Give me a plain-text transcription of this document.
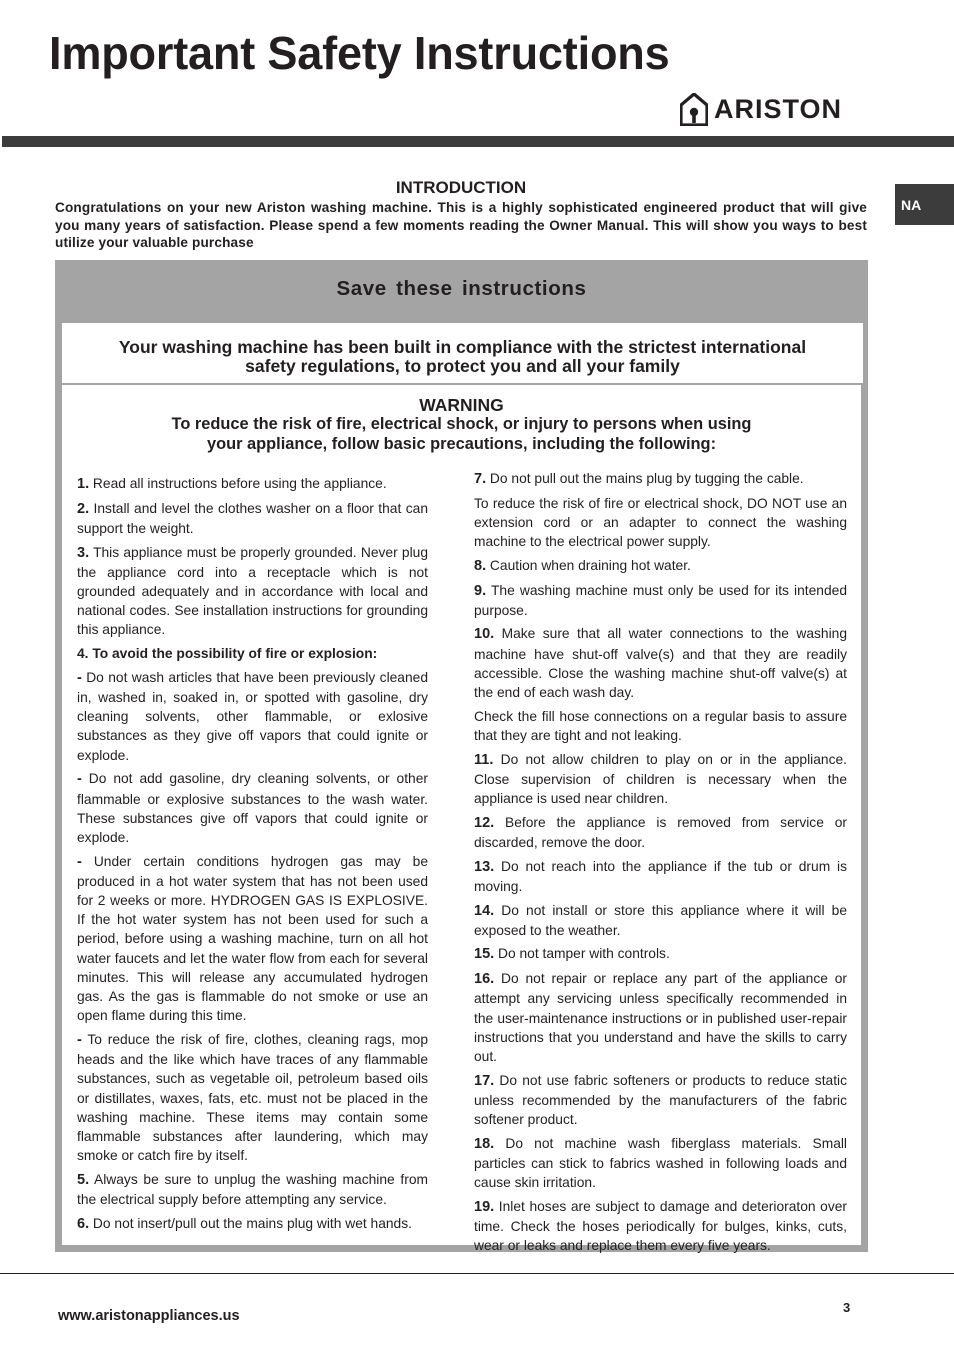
Important Safety Instructions
ARISTON
NA
INTRODUCTION

Congratulations on your new Ariston washing machine. This is a highly sophisticated engineered product that will give you many years of satisfaction. Please spend a few moments reading the Owner Manual. This will show you ways to best utilize your valuable purchase

Save these instructions
Your washing machine has been built in compliance with the strictest international
safety regulations, to protect you and all your family
WARNING
To reduce the risk of fire, electrical shock, or injury to persons when using
your appliance, follow basic precautions, including the following:

1. Read all instructions before using the appliance.

2. Install and level the clothes washer on a floor that can support the weight.

3. This appliance must be properly grounded. Never plug the appliance cord into a receptacle which is not grounded adequately and in accordance with local and national codes. See installation instructions for grounding this appliance.

4. To avoid the possibility of fire or explosion:

- Do not wash articles that have been previously cleaned in, washed in, soaked in, or spotted with gasoline, dry cleaning solvents, other flammable, or exlosive substances as they give off vapors that could ignite or explode.

- Do not add gasoline, dry cleaning solvents, or other flammable or explosive substances to the wash water. These substances give off vapors that could ignite or explode.

- Under certain conditions hydrogen gas may be produced in a hot water system that has not been used for 2 weeks or more. HYDROGEN GAS IS EXPLOSIVE. If the hot water system has not been used for such a period, before using a washing machine, turn on all hot water faucets and let the water flow from each for several minutes. This will release any accumulated hydrogen gas. As the gas is flammable do not smoke or use an open flame during this time.

- To reduce the risk of fire, clothes, cleaning rags, mop heads and the like which have traces of any flammable substances, such as vegetable oil, petroleum based oils or distillates, waxes, fats, etc. must not be placed in the washing machine. These items may contain some flammable substances after laundering, which may smoke or catch fire by itself.

5. Always be sure to unplug the washing machine from the electrical supply before attempting any service.

6. Do not insert/pull out the mains plug with wet hands.

7. Do not pull out the mains plug by tugging the cable.

To reduce the risk of fire or electrical shock, DO NOT use an extension cord or an adapter to connect the washing machine to the electrical power supply.

8. Caution when draining hot water.

9. The washing machine must only be used for its intended purpose.

10. Make sure that all water connections to the washing machine have shut-off valve(s) and that they are readily accessible. Close the washing machine shut-off valve(s) at the end of each wash day.

Check the fill hose connections on a regular basis to assure that they are tight and not leaking.

11. Do not allow children to play on or in the appliance. Close supervision of children is necessary when the appliance is used near children.

12. Before the appliance is removed from service or discarded, remove the door.

13. Do not reach into the appliance if the tub or drum is moving.

14. Do not install or store this appliance where it will be exposed to the weather.

15. Do not tamper with controls.

16. Do not repair or replace any part of the appliance or attempt any servicing unless specifically recommended in the user-maintenance instructions or in published user-repair instructions that you understand and have the skills to carry out.

17. Do not use fabric softeners or products to reduce static unless recommended by the manufacturers of the fabric softener product.

18. Do not machine wash fiberglass materials. Small particles can stick to fabrics washed in following loads and cause skin irritation.

19. Inlet hoses are subject to damage and deterioraton over time. Check the hoses periodically for bulges, kinks, cuts, wear or leaks and replace them every five years.

www.aristonappliances.us
3
